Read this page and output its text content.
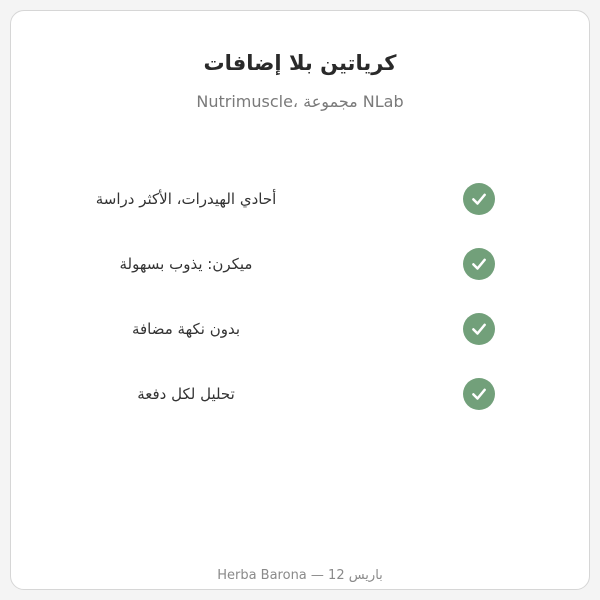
كرياتين بلا إضافات
NLab مجموعة ،Nutrimuscle
أحادي الهيدرات، الأكثر دراسة
ميكرن: يذوب بسهولة
بدون نكهة مضافة
تحليل لكل دفعة
باريس 12 — Herba Barona
